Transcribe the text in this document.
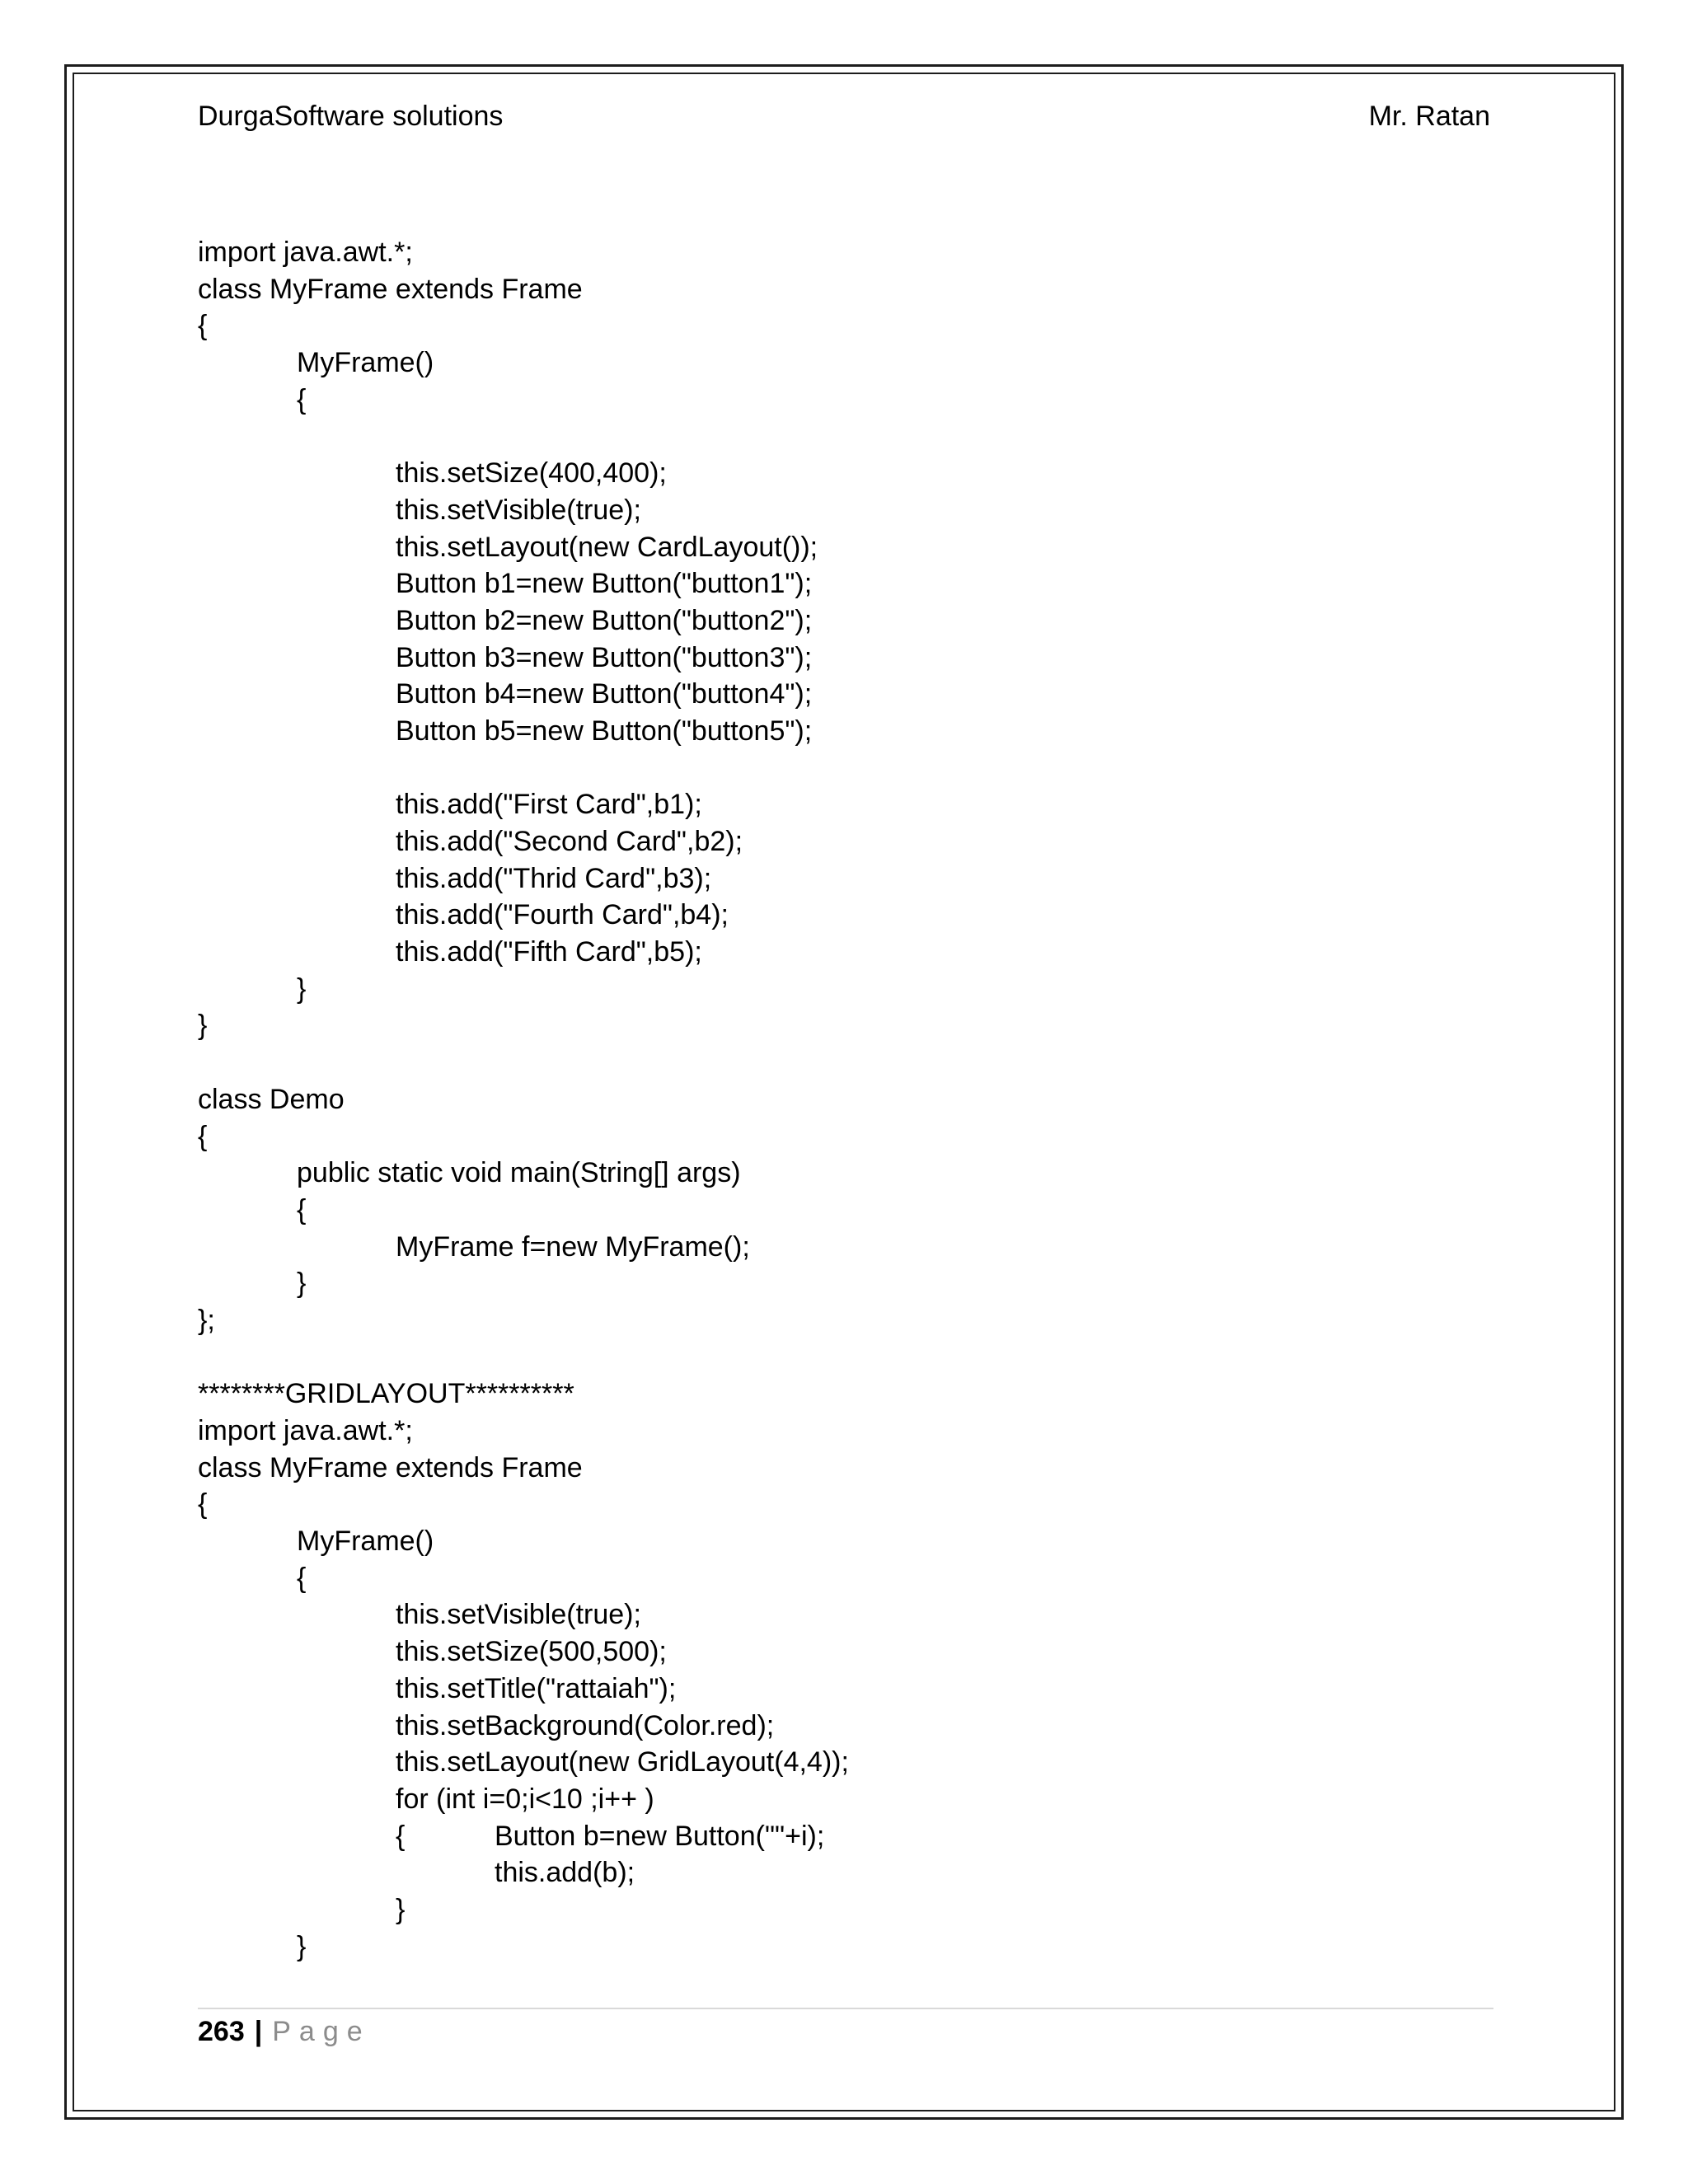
DurgaSoftware solutions	Mr. Ratan
import java.awt.*;
class MyFrame extends Frame
{
MyFrame()
{
this.setSize(400,400);
this.setVisible(true);
this.setLayout(new CardLayout());
Button b1=new Button("button1");
Button b2=new Button("button2");
Button b3=new Button("button3");
Button b4=new Button("button4");
Button b5=new Button("button5");
this.add("First Card",b1);
this.add("Second Card",b2);
this.add("Thrid Card",b3);
this.add("Fourth Card",b4);
this.add("Fifth Card",b5);
}
}
class Demo
{
public static void main(String[] args)
{
MyFrame f=new MyFrame();
}
};
********GRIDLAYOUT**********
import java.awt.*;
class MyFrame extends Frame
{
MyFrame()
{
this.setVisible(true);
this.setSize(500,500);
this.setTitle("rattaiah");
this.setBackground(Color.red);
this.setLayout(new GridLayout(4,4));
for (int i=0;i<10 ;i++ )
{	Button b=new Button(""+i);
this.add(b);
}
}
263 | Page
